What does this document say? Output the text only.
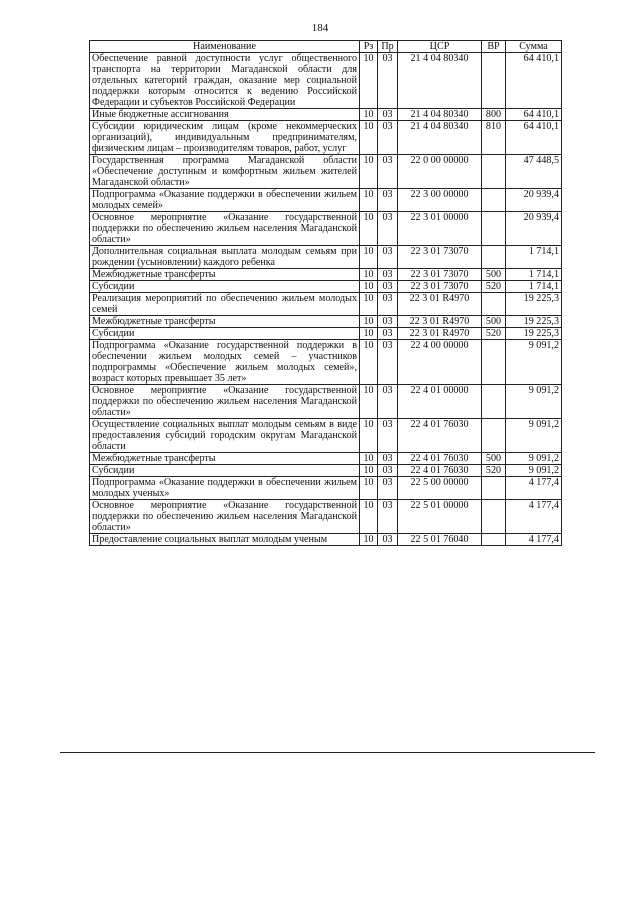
184
Наименование	Рз	Пр	ЦСР	ВР	Сумма
Обеспечение равной доступности услуг общественного транспорта на территории Магаданской области для отдельных категорий граждан, оказание мер социальной поддержки которым относится к ведению Российской Федерации и субъектов Российской Федерации	10	03	21 4 04 80340		64 410,1
Иные бюджетные ассигнования	10	03	21 4 04 80340	800	64 410,1
Субсидии юридическим лицам (кроме некоммерческих организаций), индивидуальным предпринимателям, физическим лицам – производителям товаров, работ, услуг	10	03	21 4 04 80340	810	64 410,1
Государственная программа Магаданской области «Обеспечение доступным и комфортным жильем жителей Магаданской области»	10	03	22 0 00 00000		47 448,5
Подпрограмма «Оказание поддержки в обеспечении жильем молодых семей»	10	03	22 3 00 00000		20 939,4
Основное мероприятие «Оказание государственной поддержки по обеспечению жильем населения Магаданской области»	10	03	22 3 01 00000		20 939,4
Дополнительная социальная выплата молодым семьям при рождении (усыновлении) каждого ребенка	10	03	22 3 01 73070		1 714,1
Межбюджетные трансферты	10	03	22 3 01 73070	500	1 714,1
Субсидии	10	03	22 3 01 73070	520	1 714,1
Реализация мероприятий по обеспечению жильем молодых семей	10	03	22 3 01 R4970		19 225,3
Межбюджетные трансферты	10	03	22 3 01 R4970	500	19 225,3
Субсидии	10	03	22 3 01 R4970	520	19 225,3
Подпрограмма «Оказание государственной поддержки в обеспечении жильем молодых семей – участников подпрограммы «Обеспечение жильем молодых семей», возраст которых превышает 35 лет»	10	03	22 4 00 00000		9 091,2
Основное мероприятие «Оказание государственной поддержки по обеспечению жильем населения Магаданской области»	10	03	22 4 01 00000		9 091,2
Осуществление социальных выплат молодым семьям в виде предоставления субсидий городским округам Магаданской области	10	03	22 4 01 76030		9 091,2
Межбюджетные трансферты	10	03	22 4 01 76030	500	9 091,2
Субсидии	10	03	22 4 01 76030	520	9 091,2
Подпрограмма «Оказание поддержки в обеспечении жильем молодых ученых»	10	03	22 5 00 00000		4 177,4
Основное мероприятие «Оказание государственной поддержки по обеспечению жильем населения Магаданской области»	10	03	22 5 01 00000		4 177,4
Предоставление социальных выплат молодым ученым	10	03	22 5 01 76040		4 177,4
